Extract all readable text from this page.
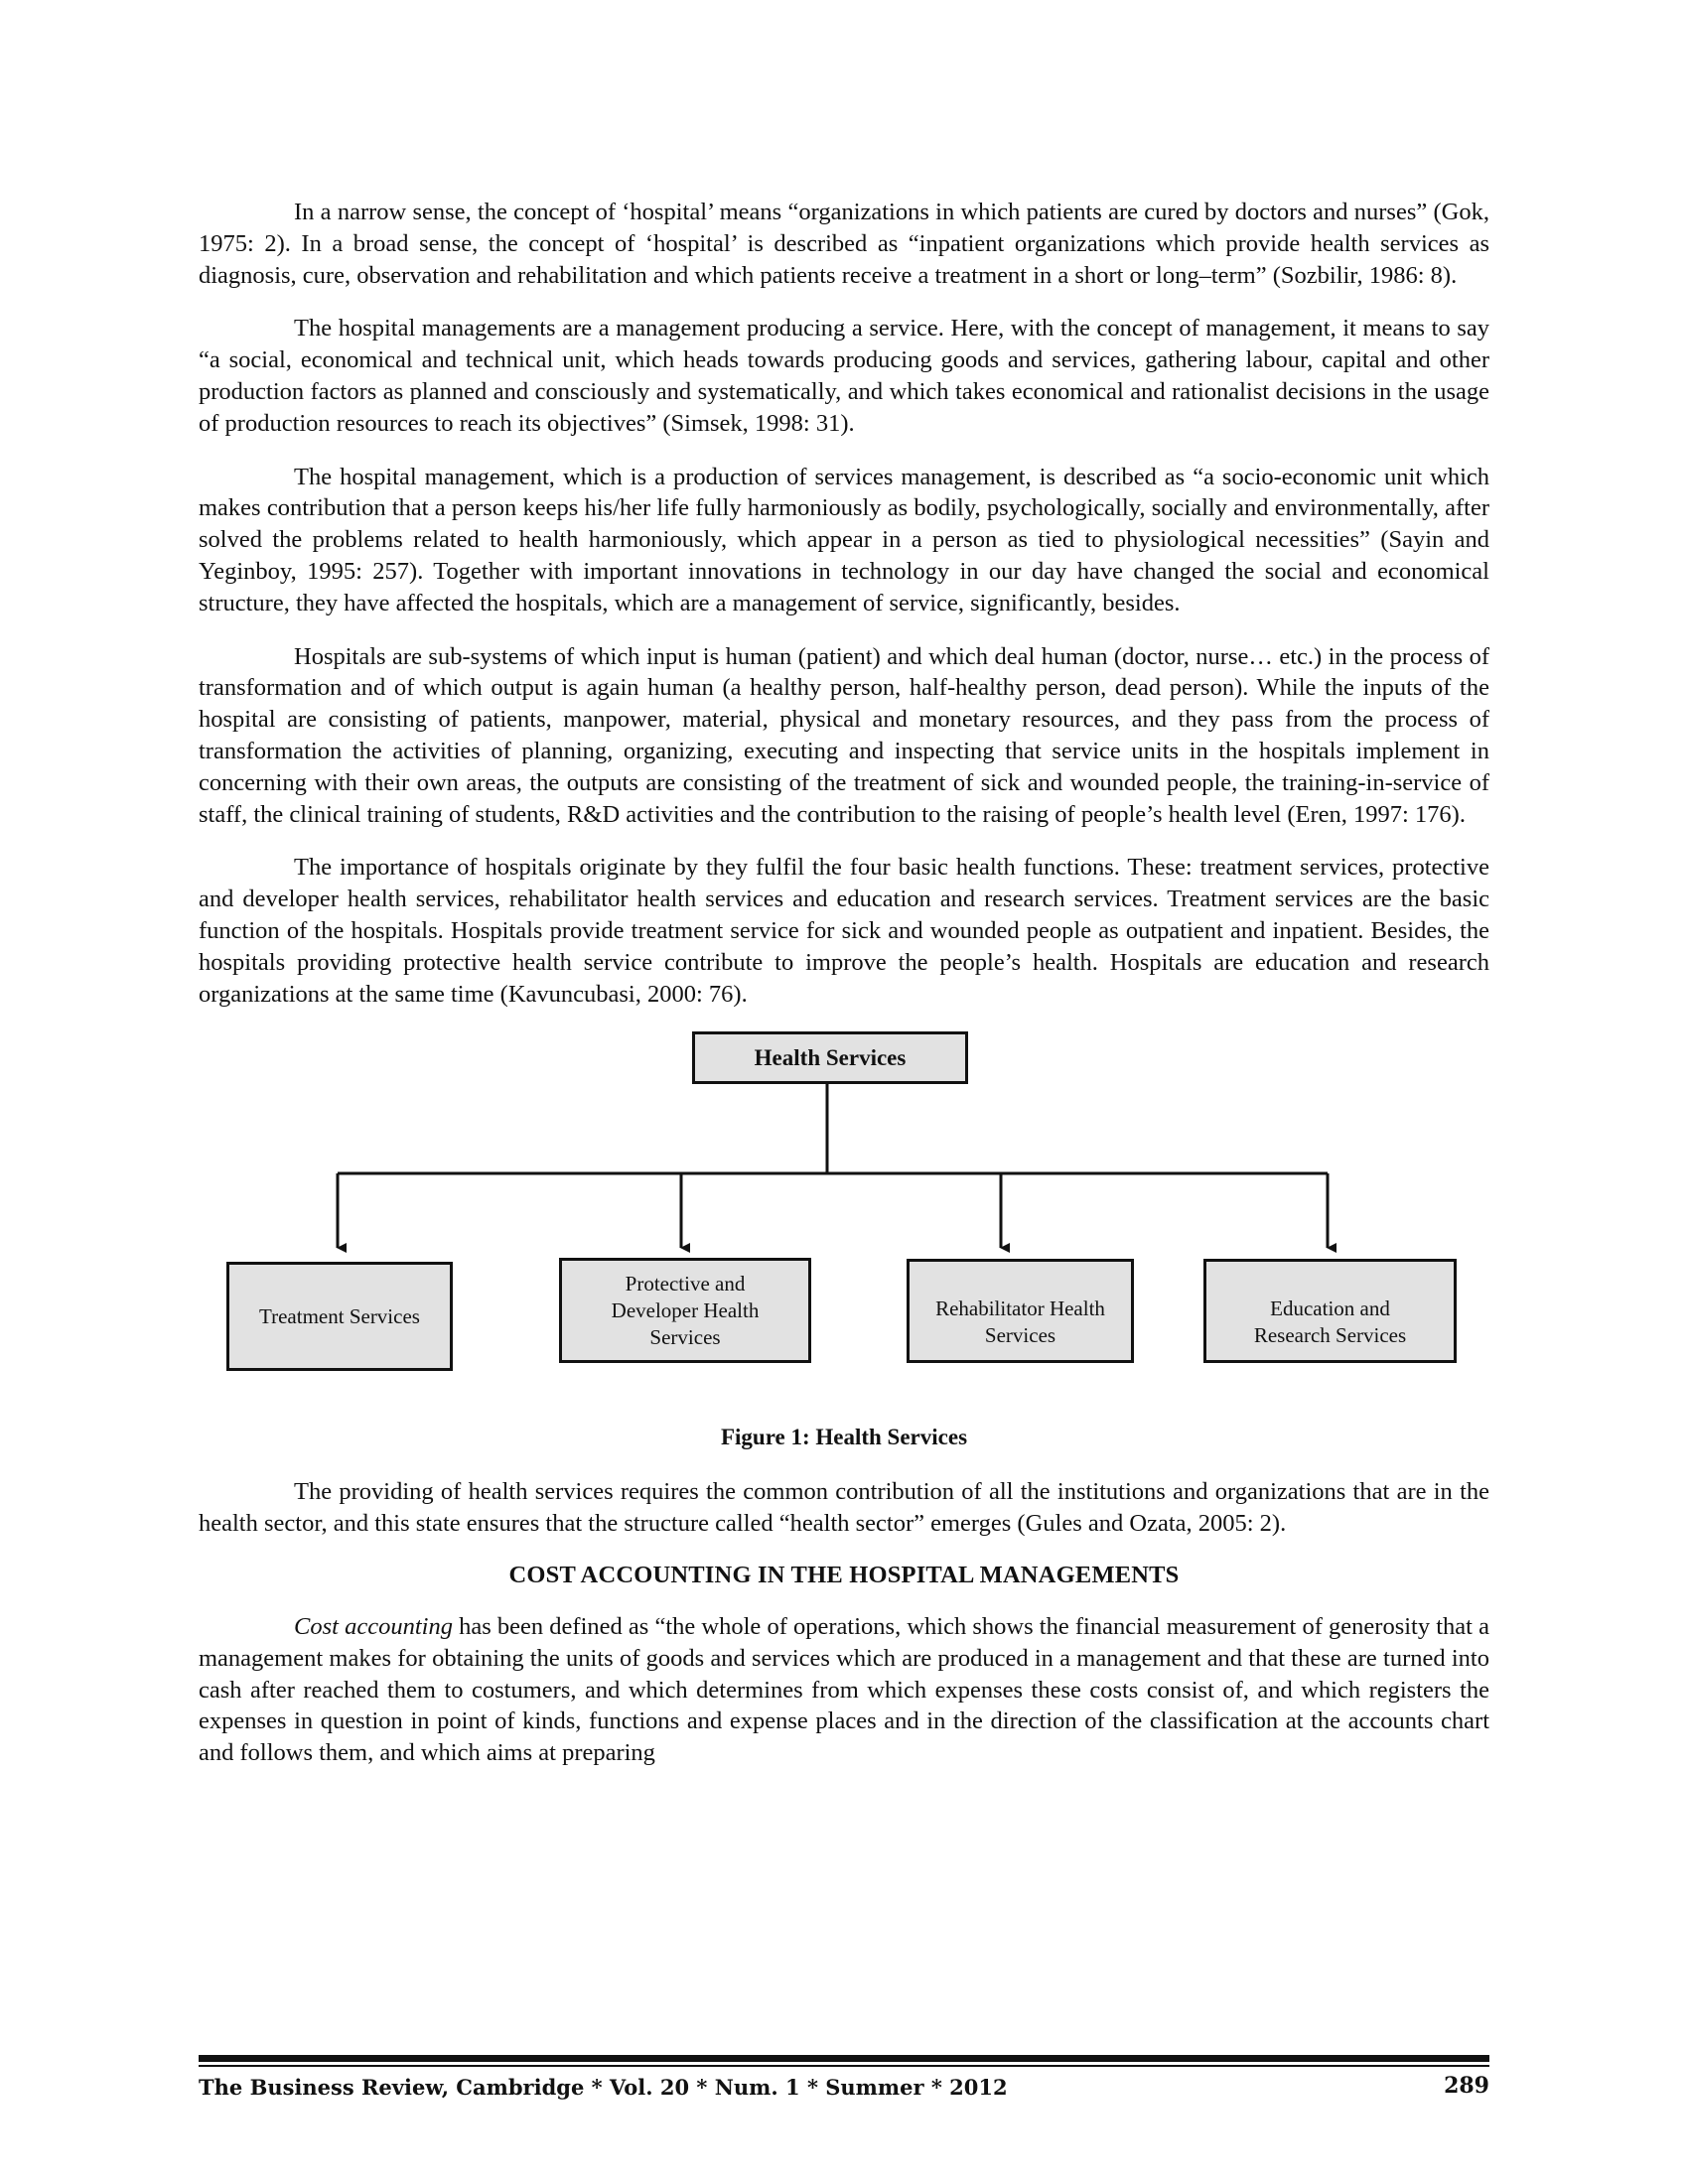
In a narrow sense, the concept of ‘hospital’ means “organizations in which patients are cured by doctors and nurses” (Gok, 1975: 2). In a broad sense, the concept of ‘hospital’ is described as “inpatient organizations which provide health services as diagnosis, cure, observation and rehabilitation and which patients receive a treatment in a short or long–term” (Sozbilir, 1986: 8).

The hospital managements are a management producing a service. Here, with the concept of management, it means to say “a social, economical and technical unit, which heads towards producing goods and services, gathering labour, capital and other production factors as planned and consciously and systematically, and which takes economical and rationalist decisions in the usage of production resources to reach its objectives” (Simsek, 1998: 31).

The hospital management, which is a production of services management, is described as “a socio-economic unit which makes contribution that a person keeps his/her life fully harmoniously as bodily, psychologically, socially and environmentally, after solved the problems related to health harmoniously, which appear in a person as tied to physiological necessities” (Sayin and Yeginboy, 1995: 257). Together with important innovations in technology in our day have changed the social and economical structure, they have affected the hospitals, which are a management of service, significantly, besides.

Hospitals are sub-systems of which input is human (patient) and which deal human (doctor, nurse… etc.) in the process of transformation and of which output is again human (a healthy person, half-healthy person, dead person). While the inputs of the hospital are consisting of patients, manpower, material, physical and monetary resources, and they pass from the process of transformation the activities of planning, organizing, executing and inspecting that service units in the hospitals implement in concerning with their own areas, the outputs are consisting of the treatment of sick and wounded people, the training-in-service of staff, the clinical training of students, R&D activities and the contribution to the raising of people’s health level (Eren, 1997: 176).

The importance of hospitals originate by they fulfil the four basic health functions. These: treatment services, protective and developer health services, rehabilitator health services and education and research services. Treatment services are the basic function of the hospitals. Hospitals provide treatment service for sick and wounded people as outpatient and inpatient. Besides, the hospitals providing protective health service contribute to improve the people’s health. Hospitals are education and research organizations at the same time (Kavuncubasi, 2000: 76).

Health Services
Treatment Services
Protective and Developer Health Services
Rehabilitator Health Services
Education and Research Services
Figure 1: Health Services

The providing of health services requires the common contribution of all the institutions and organizations that are in the health sector, and this state ensures that the structure called “health sector” emerges (Gules and Ozata, 2005: 2).

COST ACCOUNTING IN THE HOSPITAL MANAGEMENTS

Cost accounting has been defined as “the whole of operations, which shows the financial measurement of generosity that a management makes for obtaining the units of goods and services which are produced in a management and that these are turned into cash after reached them to costumers, and which determines from which expenses these costs consist of, and which registers the expenses in question in point of kinds, functions and expense places and in the direction of the classification at the accounts chart and follows them, and which aims at preparing

The Business Review, Cambridge * Vol. 20 * Num. 1 * Summer * 2012	289
